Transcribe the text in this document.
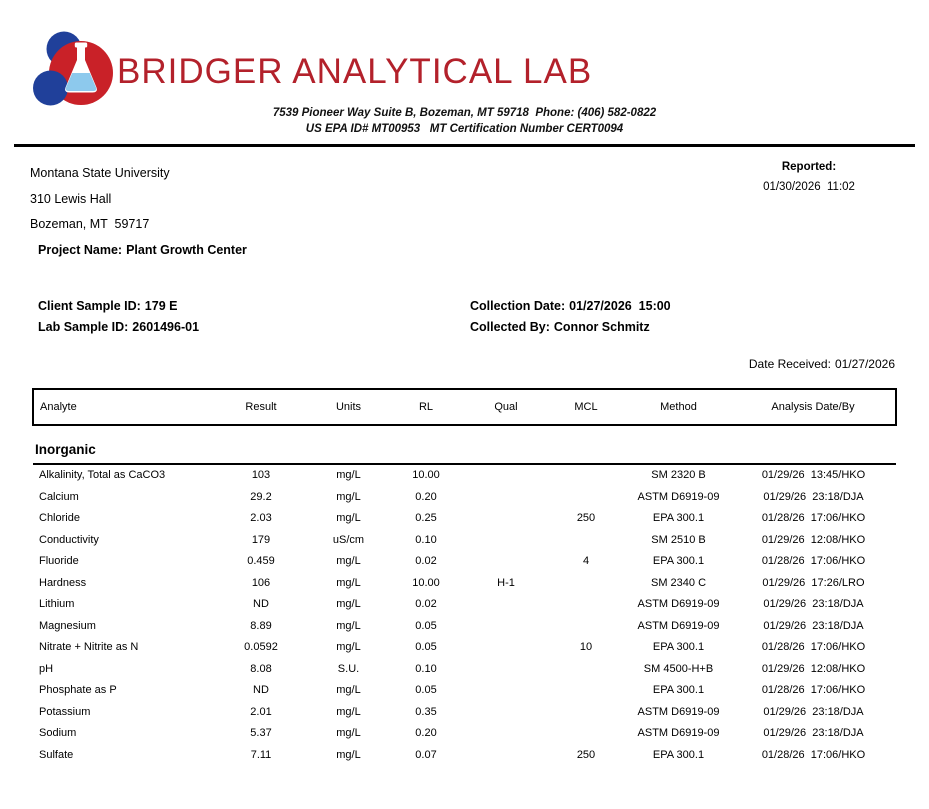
BRIDGER ANALYTICAL LAB
7539 Pioneer Way Suite B, Bozeman, MT 59718  Phone: (406) 582-0822
US EPA ID# MT00953   MT Certification Number CERT0094
Montana State University
310 Lewis Hall
Bozeman, MT  59717
Reported:
01/30/2026  11:02
Project Name: Plant Growth Center
Client Sample ID: 179 E
Lab Sample ID: 2601496-01
Collection Date: 01/27/2026  15:00
Collected By: Connor Schmitz
Date Received: 01/27/2026
Analyte	Result	Units	RL	Qual	MCL	Method	Analysis Date/By
Inorganic							
Alkalinity, Total as CaCO3	103	mg/L	10.00			SM 2320 B	01/29/26  13:45/HKO
Calcium	29.2	mg/L	0.20			ASTM D6919-09	01/29/26  23:18/DJA
Chloride	2.03	mg/L	0.25		250	EPA 300.1	01/28/26  17:06/HKO
Conductivity	179	uS/cm	0.10			SM 2510 B	01/29/26  12:08/HKO
Fluoride	0.459	mg/L	0.02		4	EPA 300.1	01/28/26  17:06/HKO
Hardness	106	mg/L	10.00	H-1		SM 2340 C	01/29/26  17:26/LRO
Lithium	ND	mg/L	0.02			ASTM D6919-09	01/29/26  23:18/DJA
Magnesium	8.89	mg/L	0.05			ASTM D6919-09	01/29/26  23:18/DJA
Nitrate + Nitrite as N	0.0592	mg/L	0.05		10	EPA 300.1	01/28/26  17:06/HKO
pH	8.08	S.U.	0.10			SM 4500-H+B	01/29/26  12:08/HKO
Phosphate as P	ND	mg/L	0.05			EPA 300.1	01/28/26  17:06/HKO
Potassium	2.01	mg/L	0.35			ASTM D6919-09	01/29/26  23:18/DJA
Sodium	5.37	mg/L	0.20			ASTM D6919-09	01/29/26  23:18/DJA
Sulfate	7.11	mg/L	0.07		250	EPA 300.1	01/28/26  17:06/HKO
